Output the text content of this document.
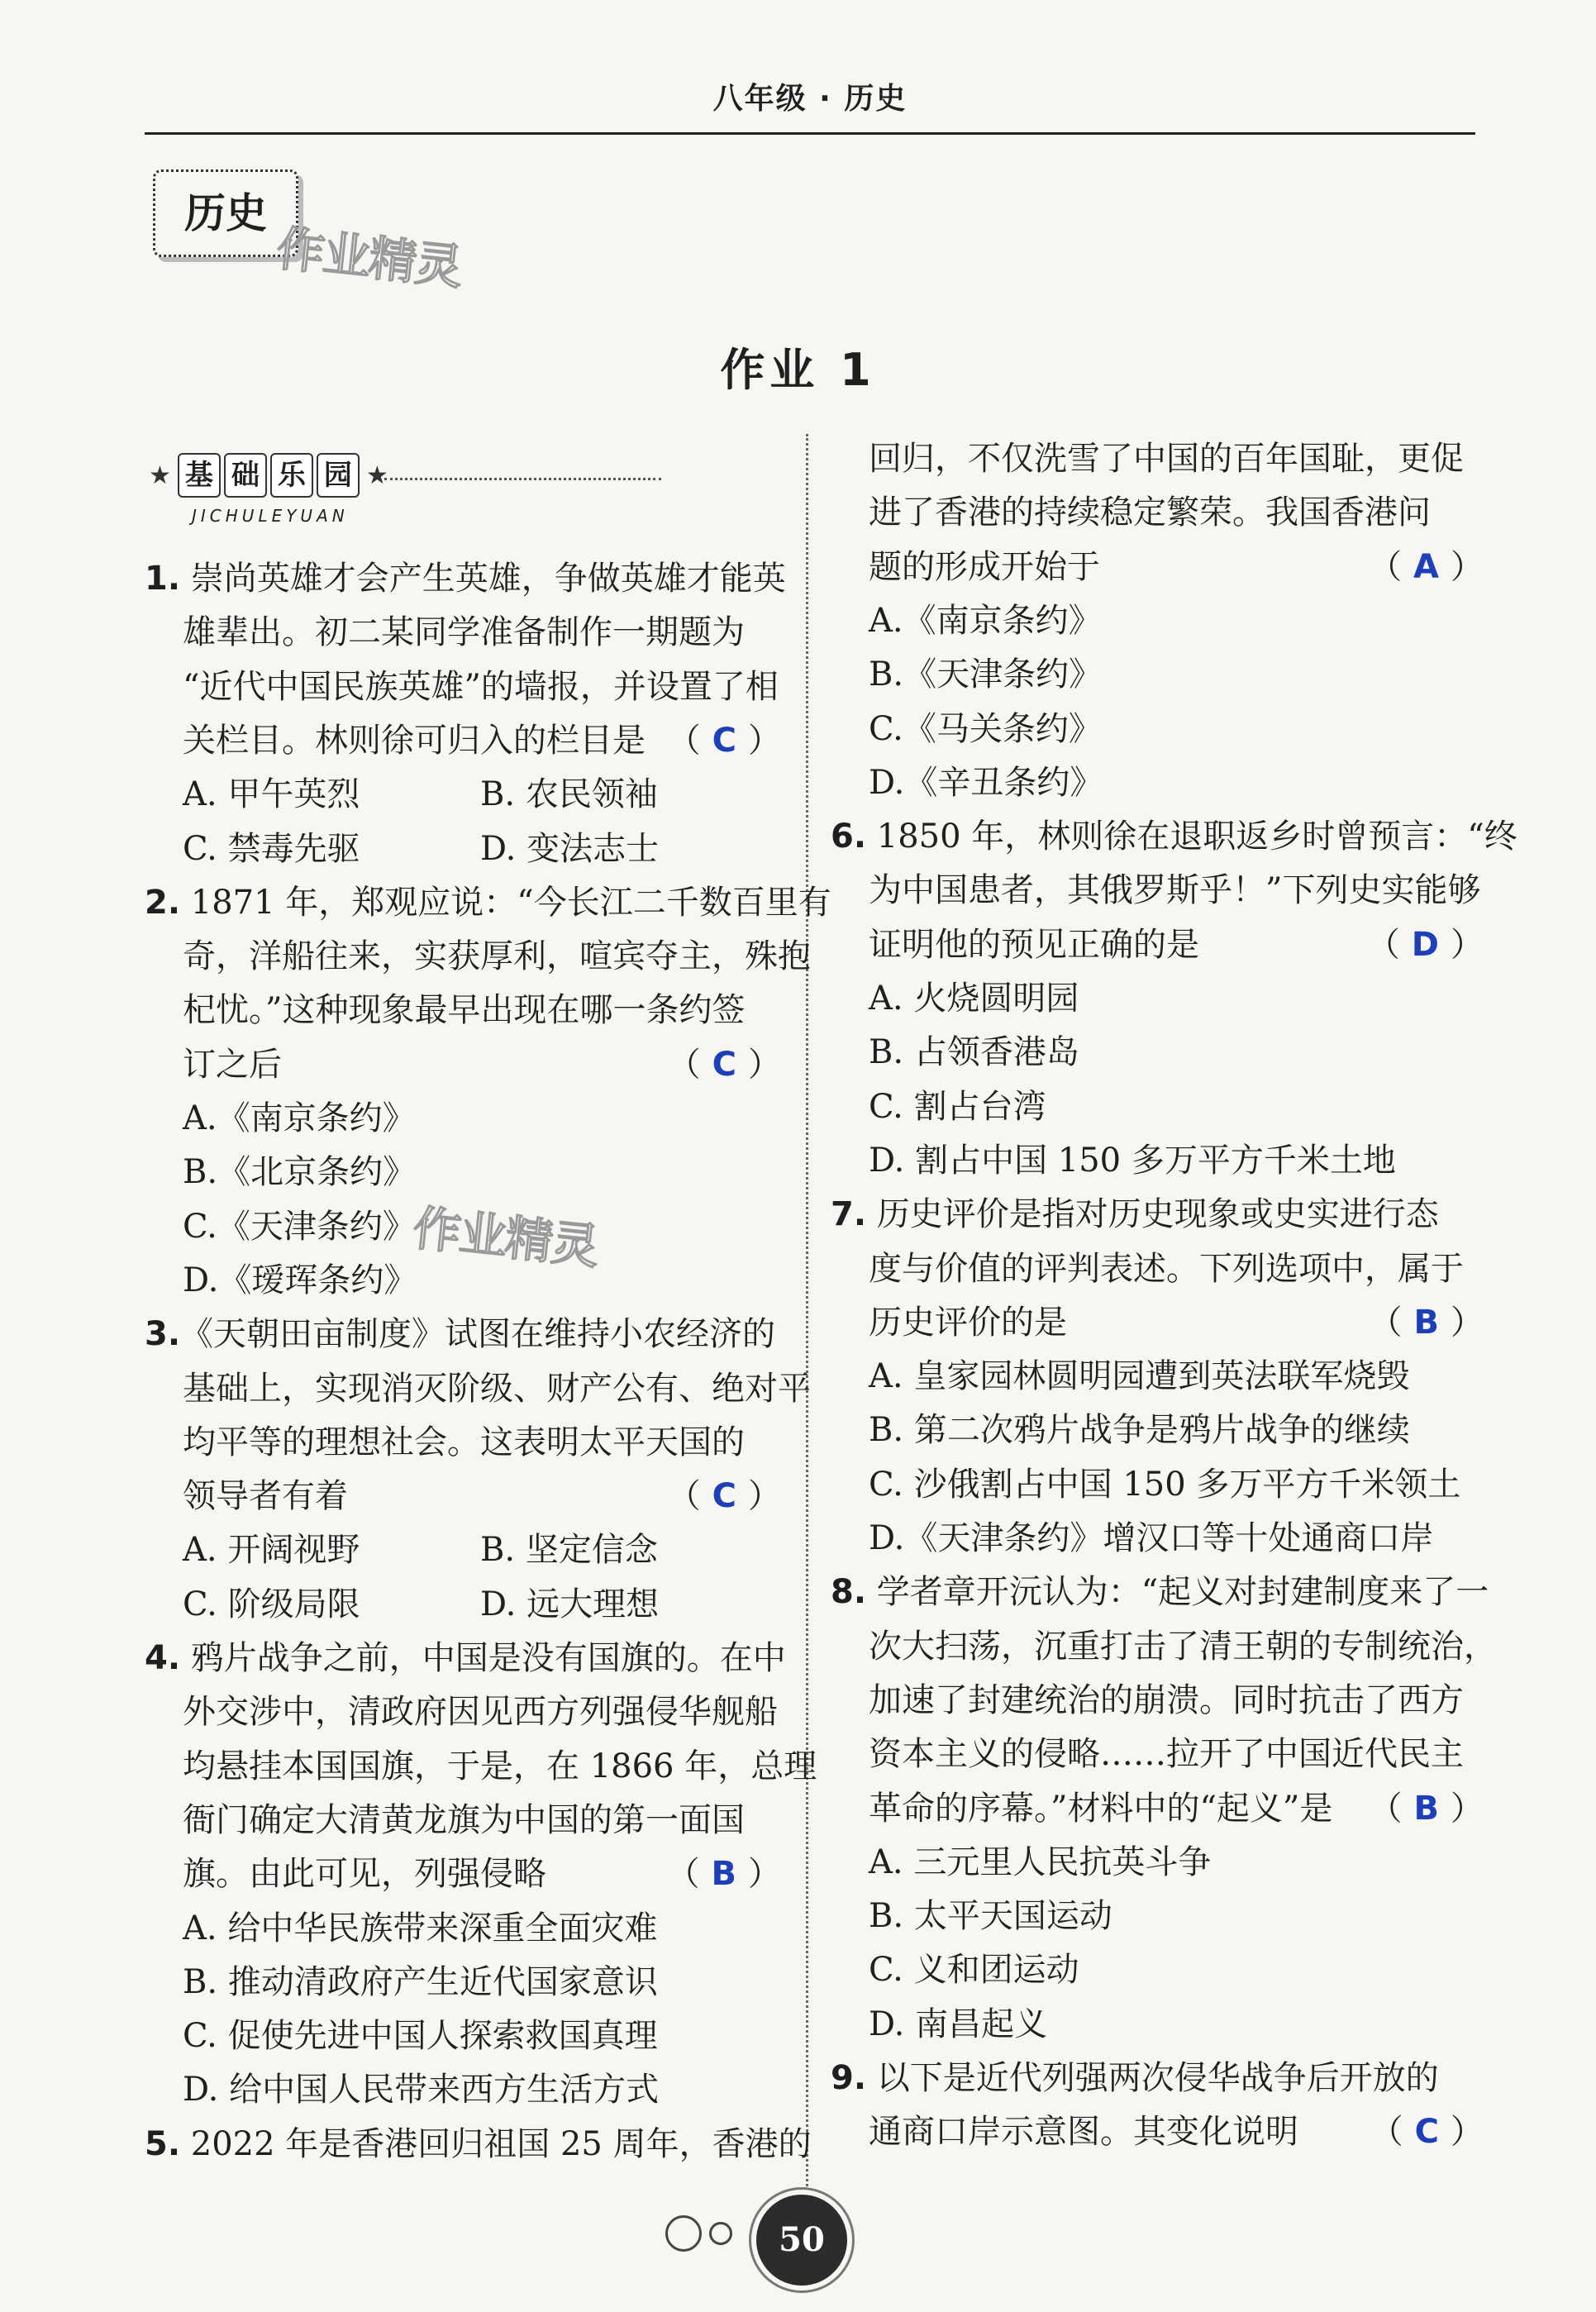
八年级 · 历史
历史
作业精灵
作业精灵
作业 1
★ 基 础 乐 园 ★
JICHULEYUAN
1. 崇尚英雄才会产生英雄，争做英雄才能英
雄辈出。初二某同学准备制作一期题为
“近代中国民族英雄”的墙报，并设置了相
关栏目。林则徐可归入的栏目是 （ C ）
A. 甲午英烈	B. 农民领袖
C. 禁毒先驱	D. 变法志士
2. 1871 年，郑观应说：“今长江二千数百里有
奇，洋船往来，实获厚利，喧宾夺主，殊抱
杞忧。”这种现象最早出现在哪一条约签
订之后	（ C ）
A.《南京条约》
B.《北京条约》
C.《天津条约》
D.《瑷珲条约》
3.《天朝田亩制度》试图在维持小农经济的
基础上，实现消灭阶级、财产公有、绝对平
均平等的理想社会。这表明太平天国的
领导者有着	（ C ）
A. 开阔视野	B. 坚定信念
C. 阶级局限	D. 远大理想
4. 鸦片战争之前，中国是没有国旗的。在中
外交涉中，清政府因见西方列强侵华舰船
均悬挂本国国旗，于是，在 1866 年，总理
衙门确定大清黄龙旗为中国的第一面国
旗。由此可见，列强侵略	（ B ）
A. 给中华民族带来深重全面灾难
B. 推动清政府产生近代国家意识
C. 促使先进中国人探索救国真理
D. 给中国人民带来西方生活方式
5. 2022 年是香港回归祖国 25 周年，香港的
回归，不仅洗雪了中国的百年国耻，更促
进了香港的持续稳定繁荣。我国香港问
题的形成开始于	（ A ）
A.《南京条约》
B.《天津条约》
C.《马关条约》
D.《辛丑条约》
6. 1850 年，林则徐在退职返乡时曾预言：“终
为中国患者，其俄罗斯乎！”下列史实能够
证明他的预见正确的是	（ D ）
A. 火烧圆明园
B. 占领香港岛
C. 割占台湾
D. 割占中国 150 多万平方千米土地
7. 历史评价是指对历史现象或史实进行态
度与价值的评判表述。下列选项中，属于
历史评价的是	（ B ）
A. 皇家园林圆明园遭到英法联军烧毁
B. 第二次鸦片战争是鸦片战争的继续
C. 沙俄割占中国 150 多万平方千米领土
D.《天津条约》增汉口等十处通商口岸
8. 学者章开沅认为：“起义对封建制度来了一
次大扫荡，沉重打击了清王朝的专制统治，
加速了封建统治的崩溃。同时抗击了西方
资本主义的侵略……拉开了中国近代民主
革命的序幕。”材料中的“起义”是 （ B ）
A. 三元里人民抗英斗争
B. 太平天国运动
C. 义和团运动
D. 南昌起义
9. 以下是近代列强两次侵华战争后开放的
通商口岸示意图。其变化说明 （ C ）
50
